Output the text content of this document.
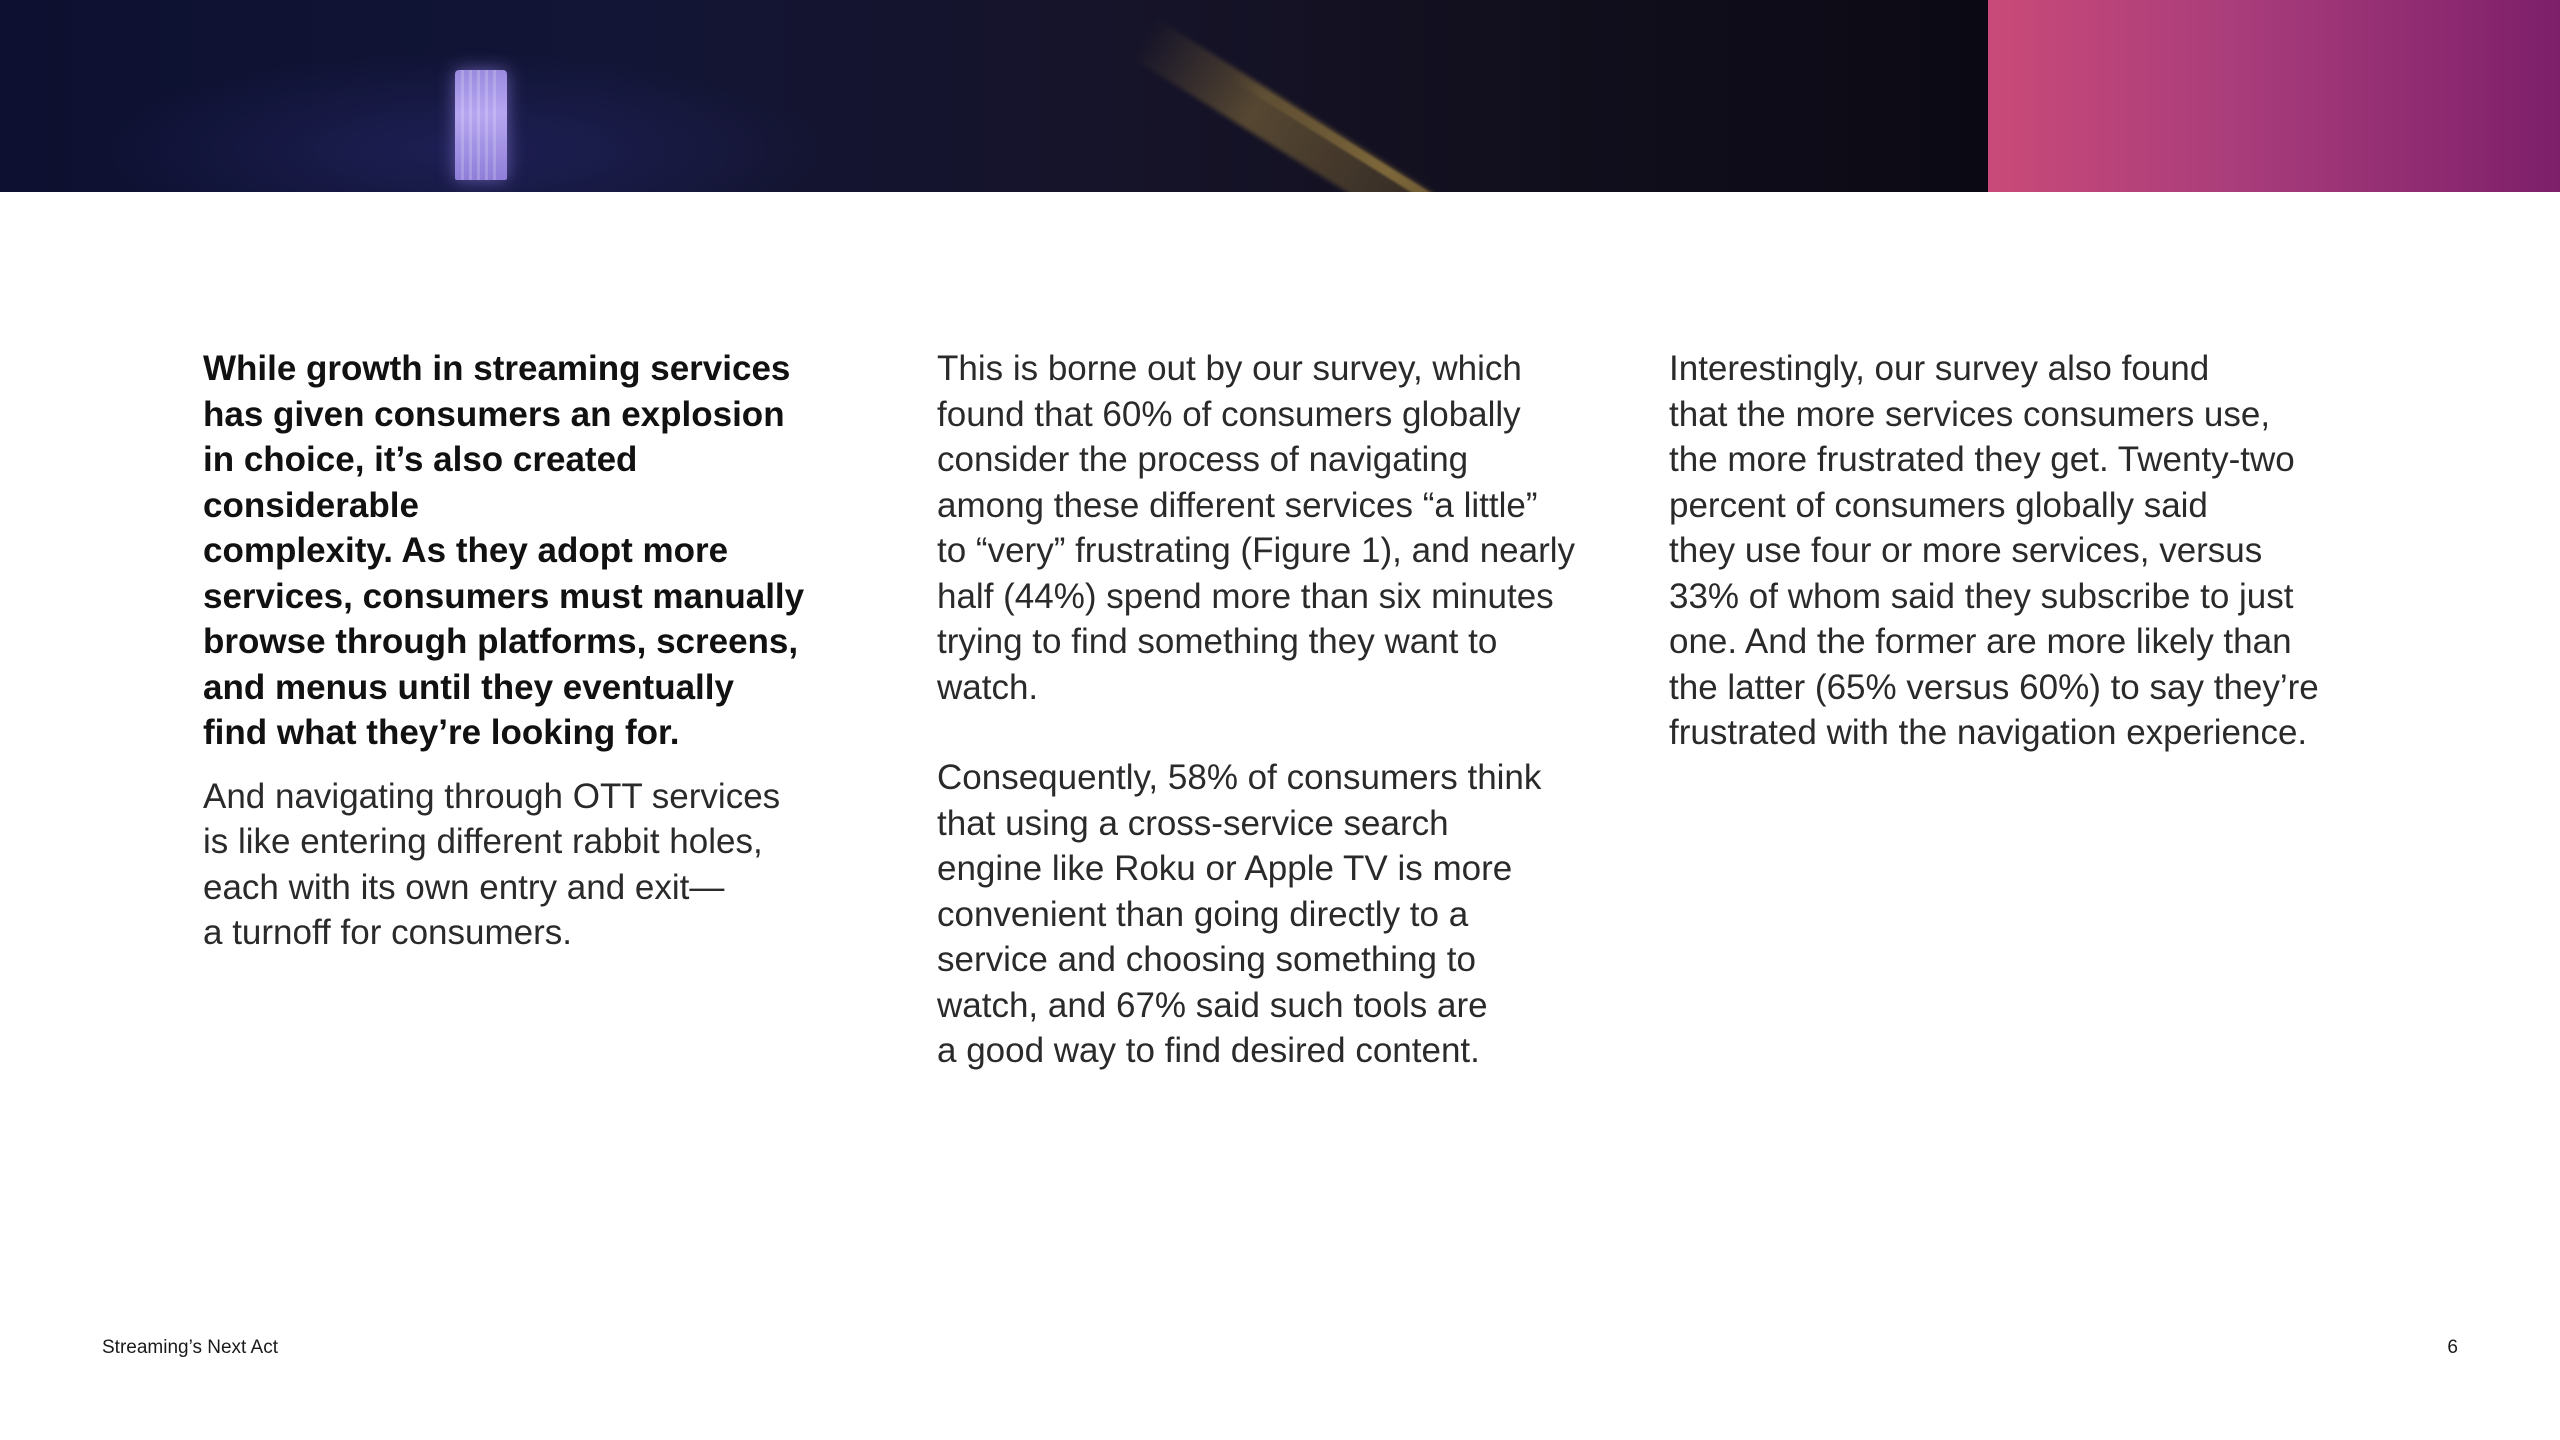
While growth in streaming services
has given consumers an explosion
in choice, it’s also created considerable
complexity. As they adopt more
services, consumers must manually
browse through platforms, screens,
and menus until they eventually
find what they’re looking for.

And navigating through OTT services
is like entering different rabbit holes,
each with its own entry and exit—
a turnoff for consumers.

This is borne out by our survey, which
found that 60% of consumers globally
consider the process of navigating
among these different services “a little”
to “very” frustrating (Figure 1), and nearly
half (44%) spend more than six minutes
trying to find something they want to
watch.

Consequently, 58% of consumers think
that using a cross-service search
engine like Roku or Apple TV is more
convenient than going directly to a
service and choosing something to
watch, and 67% said such tools are
a good way to find desired content.

Interestingly, our survey also found
that the more services consumers use,
the more frustrated they get. Twenty-two
percent of consumers globally said
they use four or more services, versus
33% of whom said they subscribe to just
one. And the former are more likely than
the latter (65% versus 60%) to say they’re
frustrated with the navigation experience.

Streaming’s Next Act	6
